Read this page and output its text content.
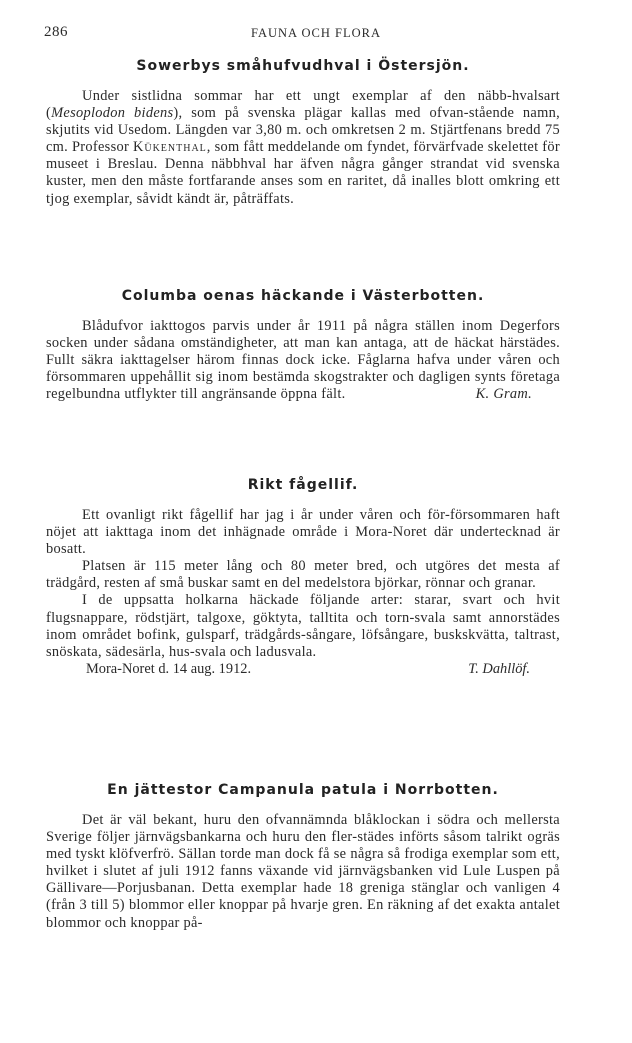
286	FAUNA OCH FLORA
Sowerbys småhufvudhval i Östersjön.

Under sistlidna sommar har ett ungt exemplar af den näbb-hvalsart (Mesoplodon bidens), som på svenska plägar kallas med ofvan-stående namn, skjutits vid Usedom. Längden var 3,80 m. och omkretsen 2 m. Stjärtfenans bredd 75 cm. Professor Kükenthal, som fått meddelande om fyndet, förvärfvade skelettet för museet i Breslau. Denna näbbhval har äfven några gånger strandat vid svenska kuster, men den måste fortfarande anses som en raritet, då inalles blott omkring ett tjog exemplar, såvidt kändt är, påträffats.

Columba oenas häckande i Västerbotten.

Blådufvor iakttogos parvis under år 1911 på några ställen inom Degerfors socken under sådana omständigheter, att man kan antaga, att de häckat härstädes. Fullt säkra iakttagelser härom finnas dock icke. Fåglarna hafva under våren och försommaren uppehållit sig inom bestämda skogstrakter och dagligen synts företaga regelbundna utflykter till angränsande öppna fält.	K. Gram.

Rikt fågellif.

Ett ovanligt rikt fågellif har jag i år under våren och för-försommaren haft nöjet att iakttaga inom det inhägnade område i Mora-Noret där undertecknad är bosatt.

Platsen är 115 meter lång och 80 meter bred, och utgöres det mesta af trädgård, resten af små buskar samt en del medelstora björkar, rönnar och granar.

I de uppsatta holkarna häckade följande arter: starar, svart och hvit flugsnappare, rödstjärt, talgoxe, göktyta, talltita och torn-svala samt annorstädes inom området bofink, gulsparf, trädgårds-sångare, löfsångare, buskskvätta, taltrast, snöskata, sädesärla, hus-svala och ladusvala.

Mora-Noret d. 14 aug. 1912.	T. Dahllöf.
En jättestor Campanula patula i Norrbotten.

Det är väl bekant, huru den ofvannämnda blåklockan i södra och mellersta Sverige följer järnvägsbankarna och huru den fler-städes införts såsom talrikt ogräs med tyskt klöfverfrö. Sällan torde man dock få se några så frodiga exemplar som ett, hvilket i slutet af juli 1912 fanns växande vid järnvägsbanken vid Lule Luspen på Gällivare—Porjusbanan. Detta exemplar hade 18 greniga stänglar och vanligen 4 (från 3 till 5) blommor eller knoppar på hvarje gren. En räkning af det exakta antalet blommor och knoppar på-
